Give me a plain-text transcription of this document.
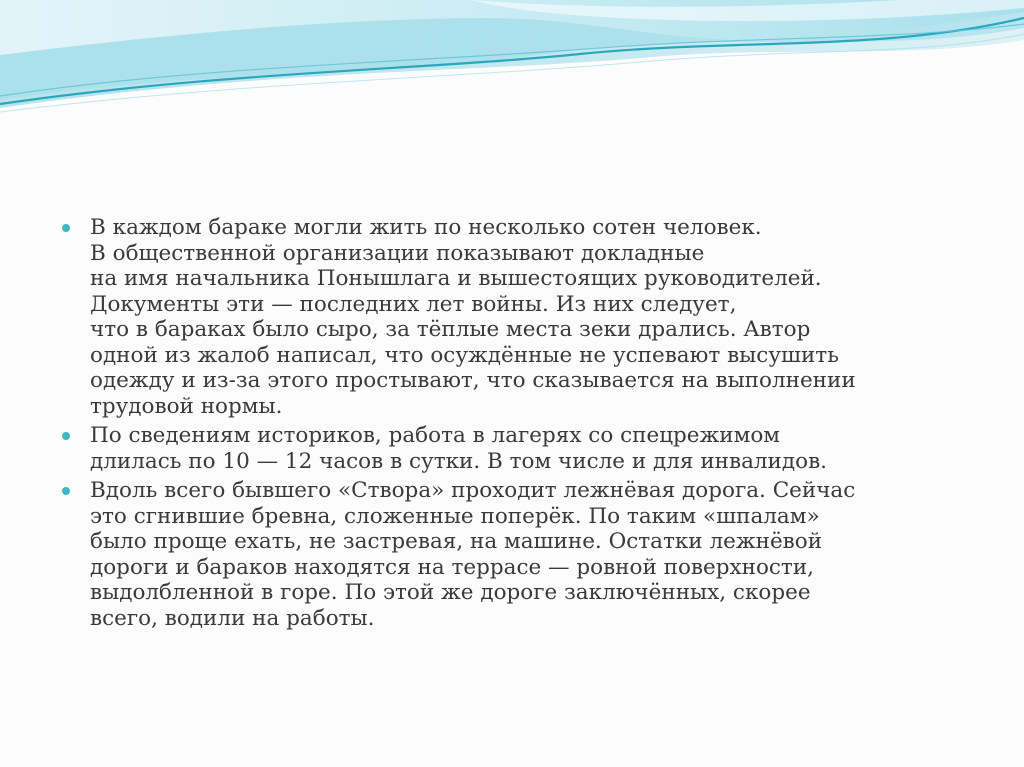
В каждом бараке могли жить по несколько сотен человек.
В общественной организации показывают докладные
на имя начальника Понышлага и вышестоящих руководителей.
Документы эти — последних лет войны. Из них следует,
что в бараках было сыро, за тёплые места зеки дрались. Автор
одной из жалоб написал, что осуждённые не успевают высушить
одежду и из-за этого простывают, что сказывается на выполнении
трудовой нормы.
По сведениям историков, работа в лагерях со спецрежимом
длилась по 10 — 12 часов в сутки. В том числе и для инвалидов.
Вдоль всего бывшего «Створа» проходит лежнёвая дорога. Сейчас
это сгнившие бревна, сложенные поперёк. По таким «шпалам»
было проще ехать, не застревая, на машине. Остатки лежнёвой
дороги и бараков находятся на террасе — ровной поверхности,
выдолбленной в горе. По этой же дороге заключённых, скорее
всего, водили на работы.
